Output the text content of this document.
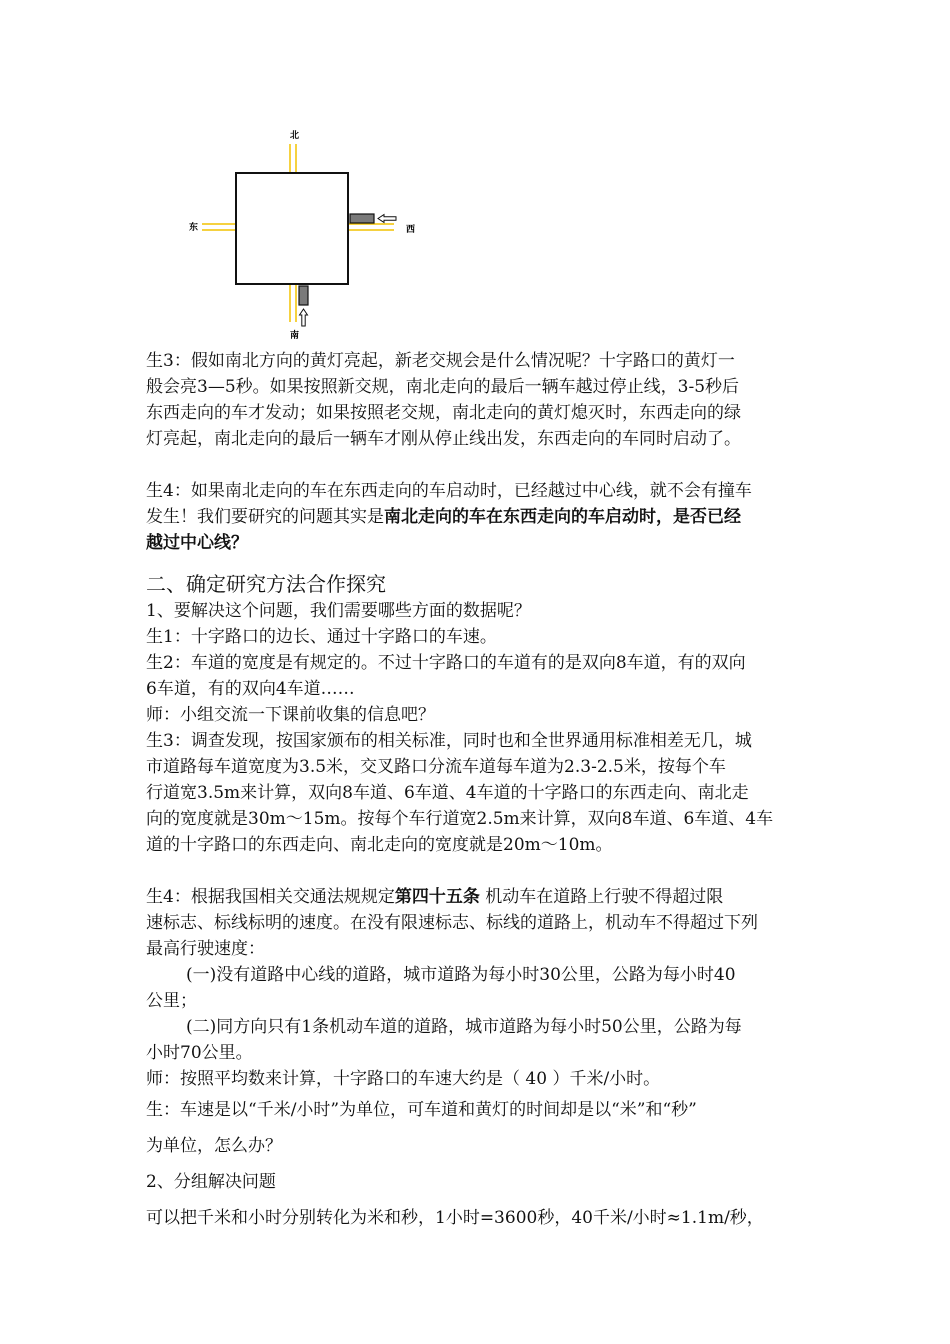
北
东	西
南

生3：假如南北方向的黄灯亮起，新老交规会是什么情况呢？十字路口的黄灯一

般会亮3—5秒。如果按照新交规，南北走向的最后一辆车越过停止线，3-5秒后

东西走向的车才发动；如果按照老交规，南北走向的黄灯熄灭时，东西走向的绿

灯亮起，南北走向的最后一辆车才刚从停止线出发，东西走向的车同时启动了。

生4：如果南北走向的车在东西走向的车启动时，已经越过中心线，就不会有撞车

发生！我们要研究的问题其实是南北走向的车在东西走向的车启动时，是否已经

越过中心线？

二、确定研究方法合作探究

1、要解决这个问题，我们需要哪些方面的数据呢？

生1：十字路口的边长、通过十字路口的车速。

生2：车道的宽度是有规定的。不过十字路口的车道有的是双向8车道，有的双向

6车道，有的双向4车道……

师：小组交流一下课前收集的信息吧？

生3：调查发现，按国家颁布的相关标准，同时也和全世界通用标准相差无几，城

市道路每车道宽度为3.5米，交叉路口分流车道每车道为2.3-2.5米，按每个车

行道宽3.5m来计算，双向8车道、6车道、4车道的十字路口的东西走向、南北走

向的宽度就是30m～15m。按每个车行道宽2.5m来计算，双向8车道、6车道、4车

道的十字路口的东西走向、南北走向的宽度就是20m～10m。

生4：根据我国相关交通法规规定第四十五条 机动车在道路上行驶不得超过限

速标志、标线标明的速度。在没有限速标志、标线的道路上，机动车不得超过下列

最高行驶速度：

(一)没有道路中心线的道路，城市道路为每小时30公里，公路为每小时40

公里；

(二)同方向只有1条机动车道的道路，城市道路为每小时50公里，公路为每

小时70公里。

师：按照平均数来计算，十字路口的车速大约是（ 40 ）千米/小时。

生：车速是以“千米/小时”为单位，可车道和黄灯的时间却是以“米”和“秒”

为单位，怎么办？

2、分组解决问题

可以把千米和小时分别转化为米和秒，1小时=3600秒，40千米/小时≈1.1m/秒，
